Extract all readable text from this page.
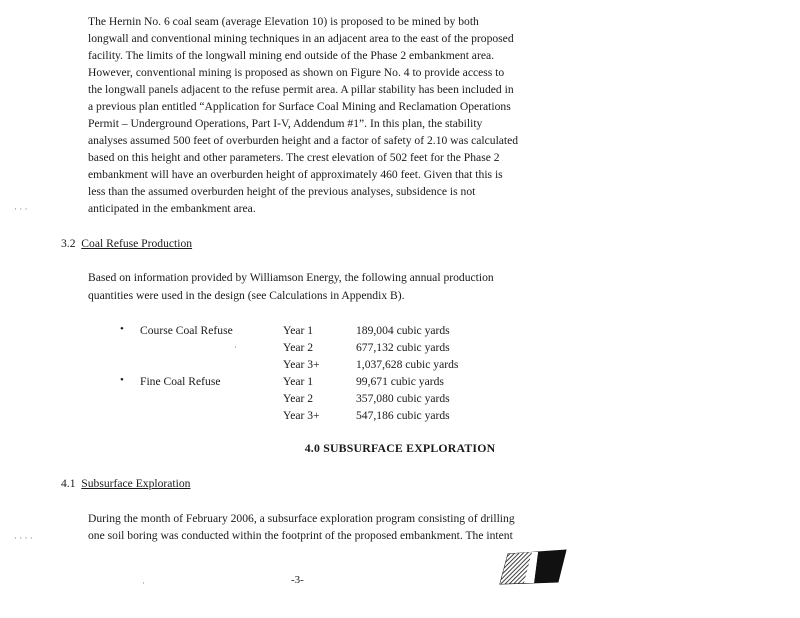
The Hernin No. 6 coal seam (average Elevation 10) is proposed to be mined by both
longwall and conventional mining techniques in an adjacent area to the east of the proposed
facility. The limits of the longwall mining end outside of the Phase 2 embankment area.
However, conventional mining is proposed as shown on Figure No. 4 to provide access to
the longwall panels adjacent to the refuse permit area. A pillar stability has been included in
a previous plan entitled “Application for Surface Coal Mining and Reclamation Operations
Permit – Underground Operations, Part I-V, Addendum #1”. In this plan, the stability
analyses assumed 500 feet of overburden height and a factor of safety of 2.10 was calculated
based on this height and other parameters. The crest elevation of 502 feet for the Phase 2
embankment will have an overburden height of approximately 460 feet. Given that this is
less than the assumed overburden height of the previous analyses, subsidence is not
anticipated in the embankment area.
3.2 Coal Refuse Production
Based on information provided by Williamson Energy, the following annual production
quantities were used in the design (see Calculations in Appendix B).
• Course Coal Refuse	Year 1	189,004 cubic yards
Year 2	677,132 cubic yards
Year 3+	1,037,628 cubic yards
• Fine Coal Refuse	Year 1	99,671 cubic yards
Year 2	357,080 cubic yards
Year 3+	547,186 cubic yards
4.0 SUBSURFACE EXPLORATION
4.1 Subsurface Exploration
During the month of February 2006, a subsurface exploration program consisting of drilling
one soil boring was conducted within the footprint of the proposed embankment. The intent
· · ·
· · · ·
·
·	-3-
